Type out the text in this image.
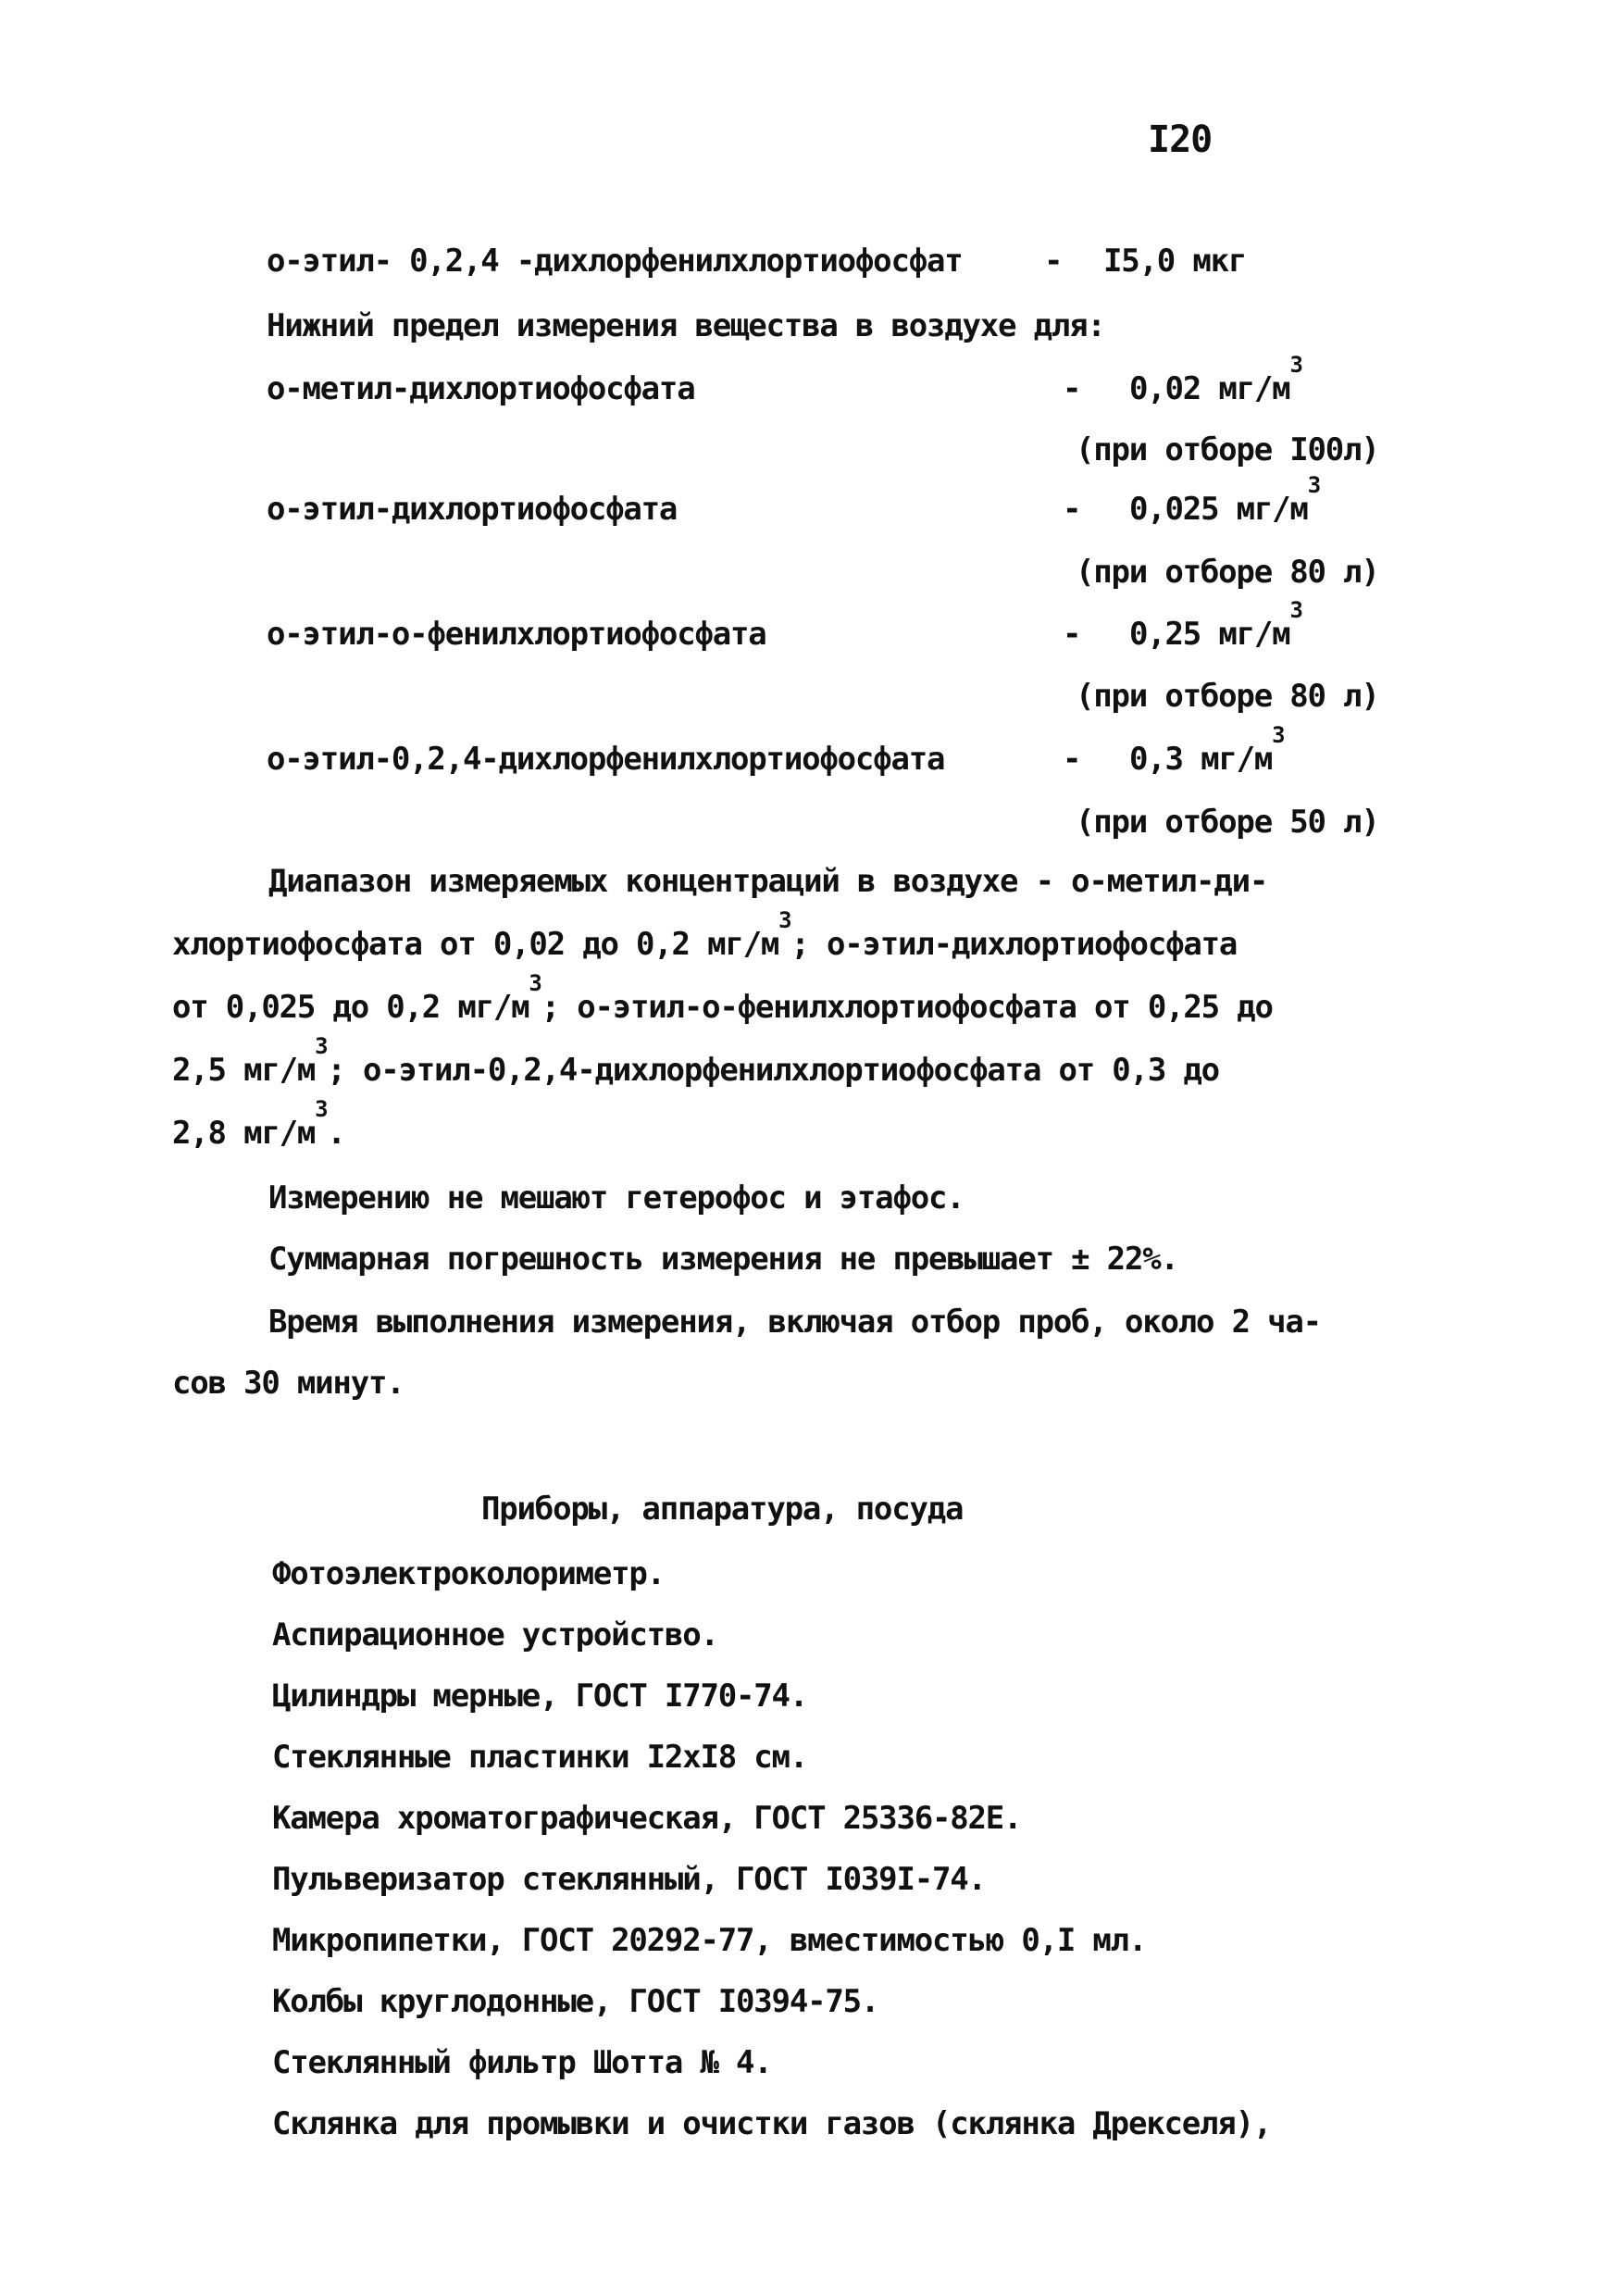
I20
о-этил- 0,2,4 -дихлорфенилхлортиофосфат	- I5,0 мкг
Нижний предел измерения вещества в воздухе для:
о-метил-дихлортиофосфата	- 0,02 $мг/м^3$
(при отборе I00л)
о-этил-дихлортиофосфата	- 0,025 $мг/м^3$
(при отборе 80 л)
о-этил-о-фенилхлортиофосфата	- 0,25 $мг/м^3$
(при отборе 80 л)
о-этил-0,2,4-дихлорфенилхлортиофосфата	- 0,3 $мг/м^3$
(при отборе 50 л)
Диапазон измеряемых концентраций в воздухе - о-метил-ди-
хлортиофосфата от 0,02 до 0,2 $мг/м^3$; о-этил-дихлортиофосфата
от 0,025 до 0,2 $мг/м^3$; о-этил-о-фенилхлортиофосфата от 0,25 до
2,5 $мг/м^3$; о-этил-0,2,4-дихлорфенилхлортиофосфата от 0,3 до
2,8 $мг/м^3$.
Измерению не мешают гетерофос и этафос.
Суммарная погрешность измерения не превышает ± 22%.
Время выполнения измерения, включая отбор проб, около 2 ча-
сов 30 минут.
Приборы, аппаратура, посуда
Фотоэлектроколориметр.
Аспирационное устройство.
Цилиндры мерные, ГОСТ I770-74.
Стеклянные пластинки I2xI8 см.
Камера хроматографическая, ГОСТ 25336-82Е.
Пульверизатор стеклянный, ГОСТ I039I-74.
Микропипетки, ГОСТ 20292-77, вместимостью 0,I мл.
Колбы круглодонные, ГОСТ I0394-75.
Стеклянный фильтр Шотта № 4.
Склянка для промывки и очистки газов (склянка Дрекселя),
